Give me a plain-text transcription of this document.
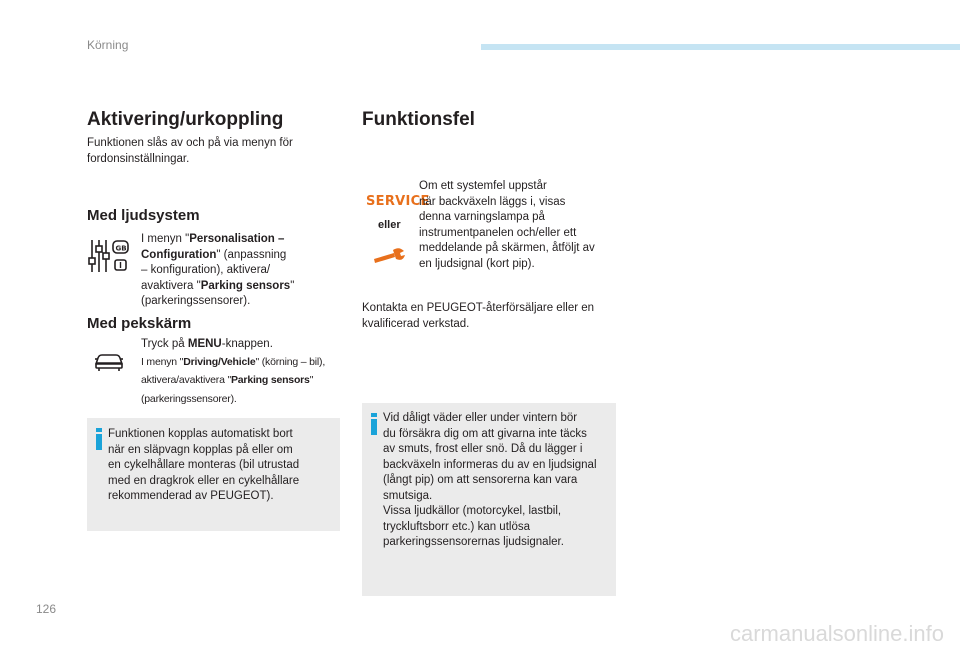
Körning
Aktivering/urkoppling
Funktionen slås av och på via menyn för
fordonsinställningar.
Med ljudsystem
GB
I menyn "Personalisation –
Configuration" (anpassning
– konfiguration), aktivera/
avaktivera "Parking sensors"
(parkeringssensorer).
Med pekskärm
Tryck på MENU-knappen.
I menyn "Driving/Vehicle" (körning – bil),
aktivera/avaktivera "Parking sensors"
(parkeringssensorer).
Funktionen kopplas automatiskt bort
när en släpvagn kopplas på eller om
en cykelhållare monteras (bil utrustad
med en dragkrok eller en cykelhållare
rekommenderad av PEUGEOT).
Funktionsfel
SERVICE
eller
Om ett systemfel uppstår
när backväxeln läggs i, visas
denna varningslampa på
instrumentpanelen och/eller ett
meddelande på skärmen, åtföljt av
en ljudsignal (kort pip).
Kontakta en PEUGEOT-återförsäljare eller en
kvalificerad verkstad.
Vid dåligt väder eller under vintern bör
du försäkra dig om att givarna inte täcks
av smuts, frost eller snö. Då du lägger i
backväxeln informeras du av en ljudsignal
(långt pip) om att sensorerna kan vara
smutsiga.
Vissa ljudkällor (motorcykel, lastbil,
tryckluftsborr etc.) kan utlösa
parkeringssensorernas ljudsignaler.
126
carmanualsonline.info
